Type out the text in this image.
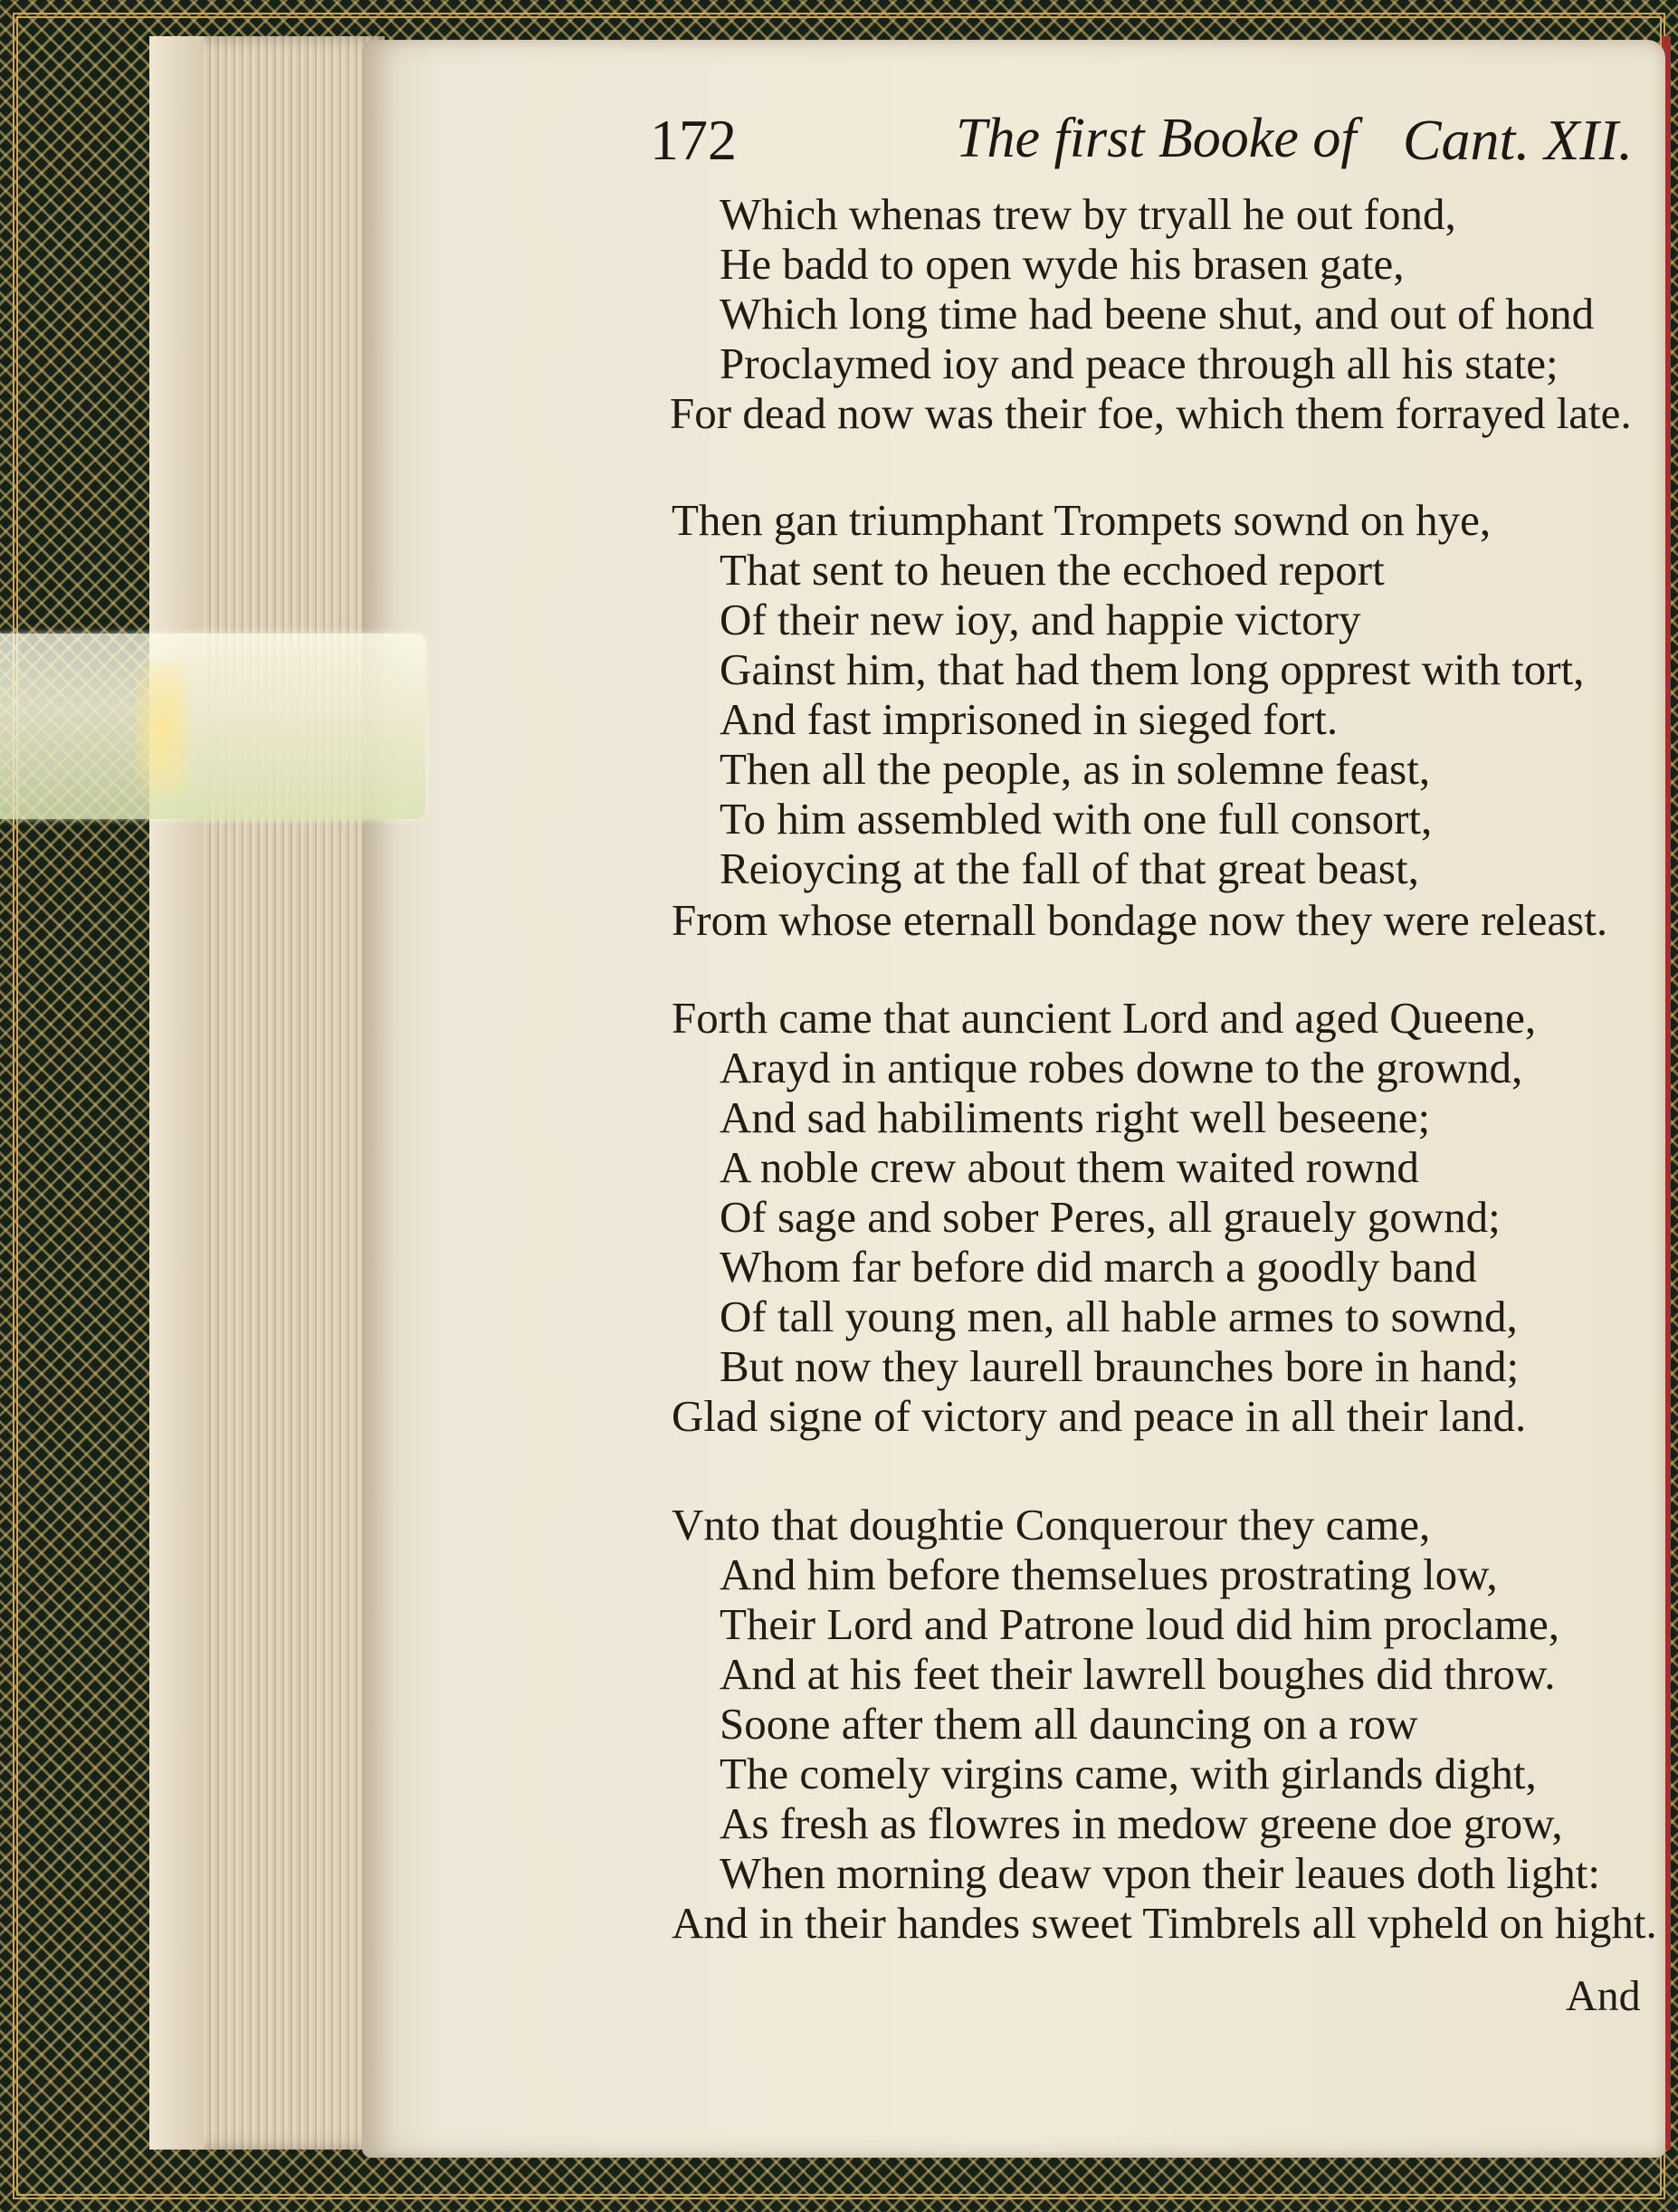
172	The first Booke of Cant. XII.
Which whenas trew by tryall he out fond,
He badd to open wyde his brasen gate,
Which long time had beene shut, and out of hond
Proclaymed ioy and peace through all his state;
For dead now was their foe, which them forrayed late.
Then gan triumphant Trompets sownd on hye,
That sent to heuen the ecchoed report
Of their new ioy, and happie victory
Gainst him, that had them long opprest with tort,
And fast imprisoned in sieged fort.
Then all the people, as in solemne feast,
To him assembled with one full consort,
Reioycing at the fall of that great beast,
From whose eternall bondage now they were releast.
Forth came that auncient Lord and aged Queene,
Arayd in antique robes downe to the grownd,
And sad habiliments right well beseene;
A noble crew about them waited rownd
Of sage and sober Peres, all grauely gownd;
Whom far before did march a goodly band
Of tall young men, all hable armes to sownd,
But now they laurell braunches bore in hand;
Glad signe of victory and peace in all their land.
Vnto that doughtie Conquerour they came,
And him before themselues prostrating low,
Their Lord and Patrone loud did him proclame,
And at his feet their lawrell boughes did throw.
Soone after them all dauncing on a row
The comely virgins came, with girlands dight,
As fresh as flowres in medow greene doe grow,
When morning deaw vpon their leaues doth light:
And in their handes sweet Timbrels all vpheld on hight.
And
